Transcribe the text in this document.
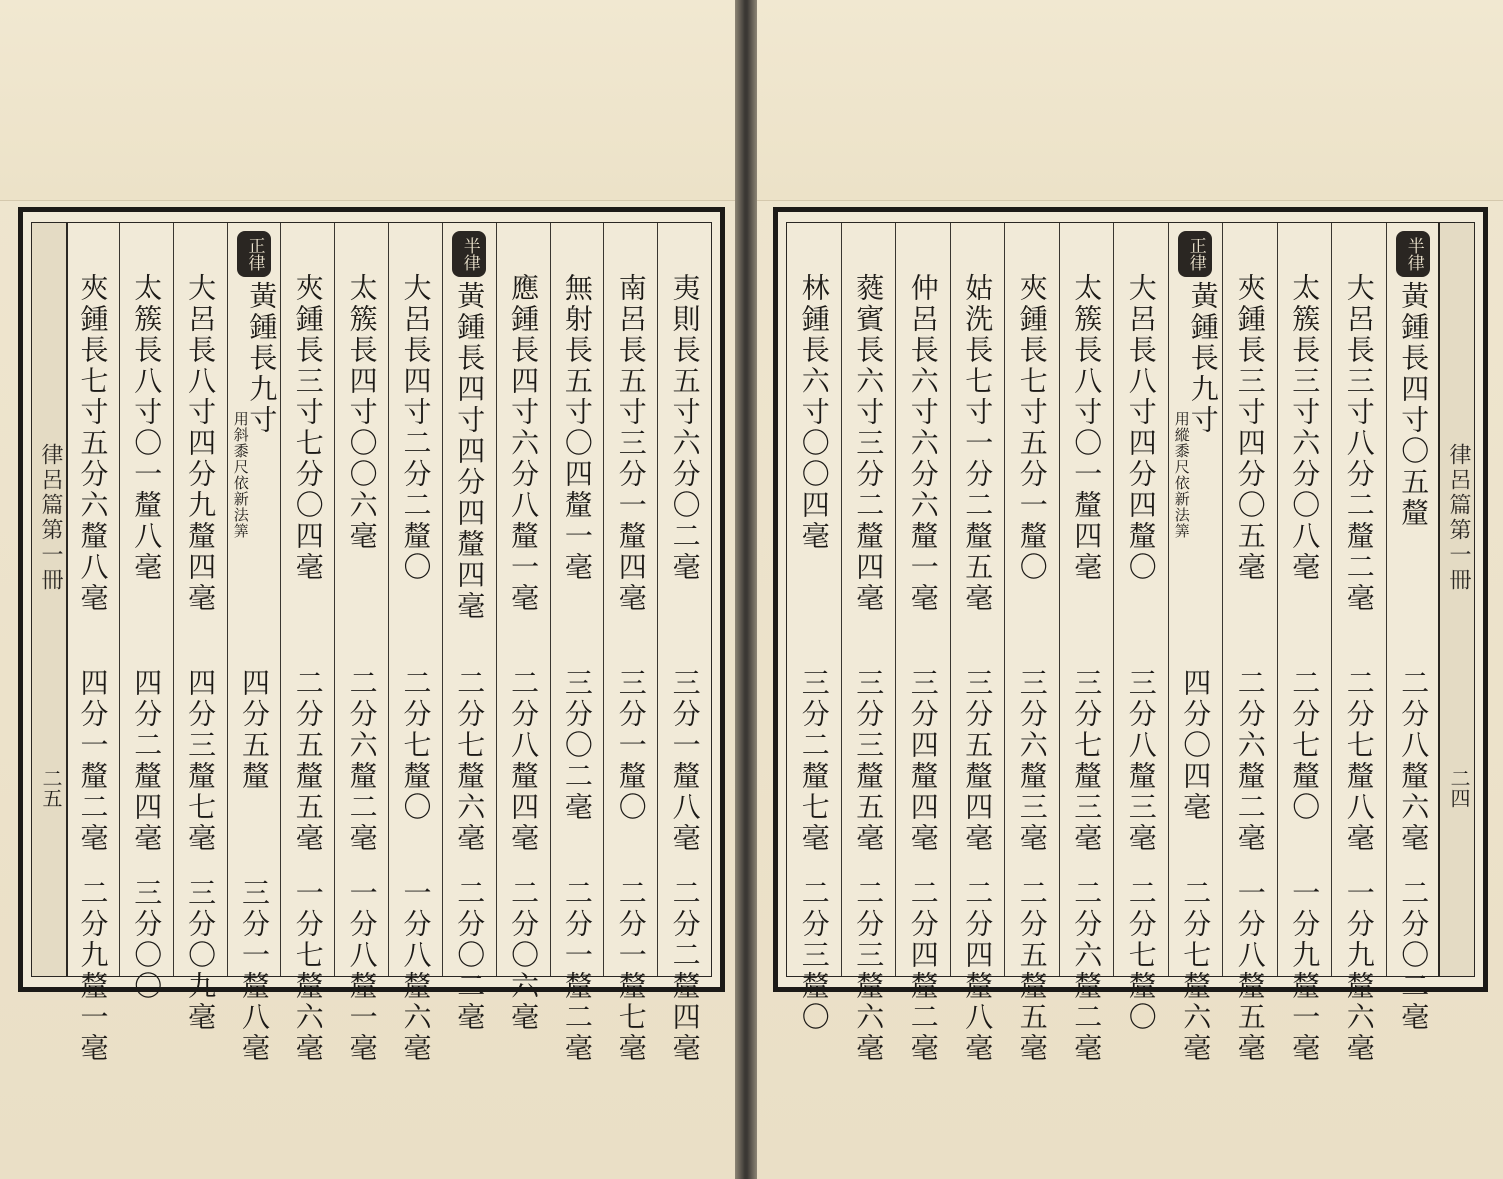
律呂篇第一冊
二五
夷則長五寸六分〇二毫
三分一釐八毫
二分二釐四毫
南呂長五寸三分一釐四毫
三分一釐〇
二分一釐七毫
無射長五寸〇四釐一毫
三分〇二毫
二分一釐二毫
應鍾長四寸六分八釐一毫
二分八釐四毫
二分〇六毫
半律
黃鍾長四寸四分四釐四毫
二分七釐六毫
二分〇二毫
大呂長四寸二分二釐〇
二分七釐〇
一分八釐六毫
太簇長四寸〇〇六毫
二分六釐二毫
一分八釐一毫
夾鍾長三寸七分〇四毫
二分五釐五毫
一分七釐六毫
正律
黃鍾長九寸
用斜黍尺依新法筭
四分五釐
三分一釐八毫
大呂長八寸四分九釐四毫
四分三釐七毫
三分〇九毫
太簇長八寸〇一釐八毫
四分二釐四毫
三分〇〇
夾鍾長七寸五分六釐八毫
四分一釐二毫
二分九釐一毫
律呂篇第一冊
二四
半律
黃鍾長四寸〇五釐
二分八釐六毫
二分〇二毫
大呂長三寸八分二釐二毫
二分七釐八毫
一分九釐六毫
太簇長三寸六分〇八毫
二分七釐〇
一分九釐一毫
夾鍾長三寸四分〇五毫
二分六釐二毫
一分八釐五毫
正律
黃鍾長九寸
用縱黍尺依新法筭
四分〇四毫
二分七釐六毫
大呂長八寸四分四釐〇
三分八釐三毫
二分七釐〇
太簇長八寸〇一釐四毫
三分七釐三毫
二分六釐二毫
夾鍾長七寸五分一釐〇
三分六釐三毫
二分五釐五毫
姑洗長七寸一分二釐五毫
三分五釐四毫
二分四釐八毫
仲呂長六寸六分六釐一毫
三分四釐四毫
二分四釐二毫
蕤賓長六寸三分二釐四毫
三分三釐五毫
二分三釐六毫
林鍾長六寸〇〇四毫
三分二釐七毫
二分三釐〇
